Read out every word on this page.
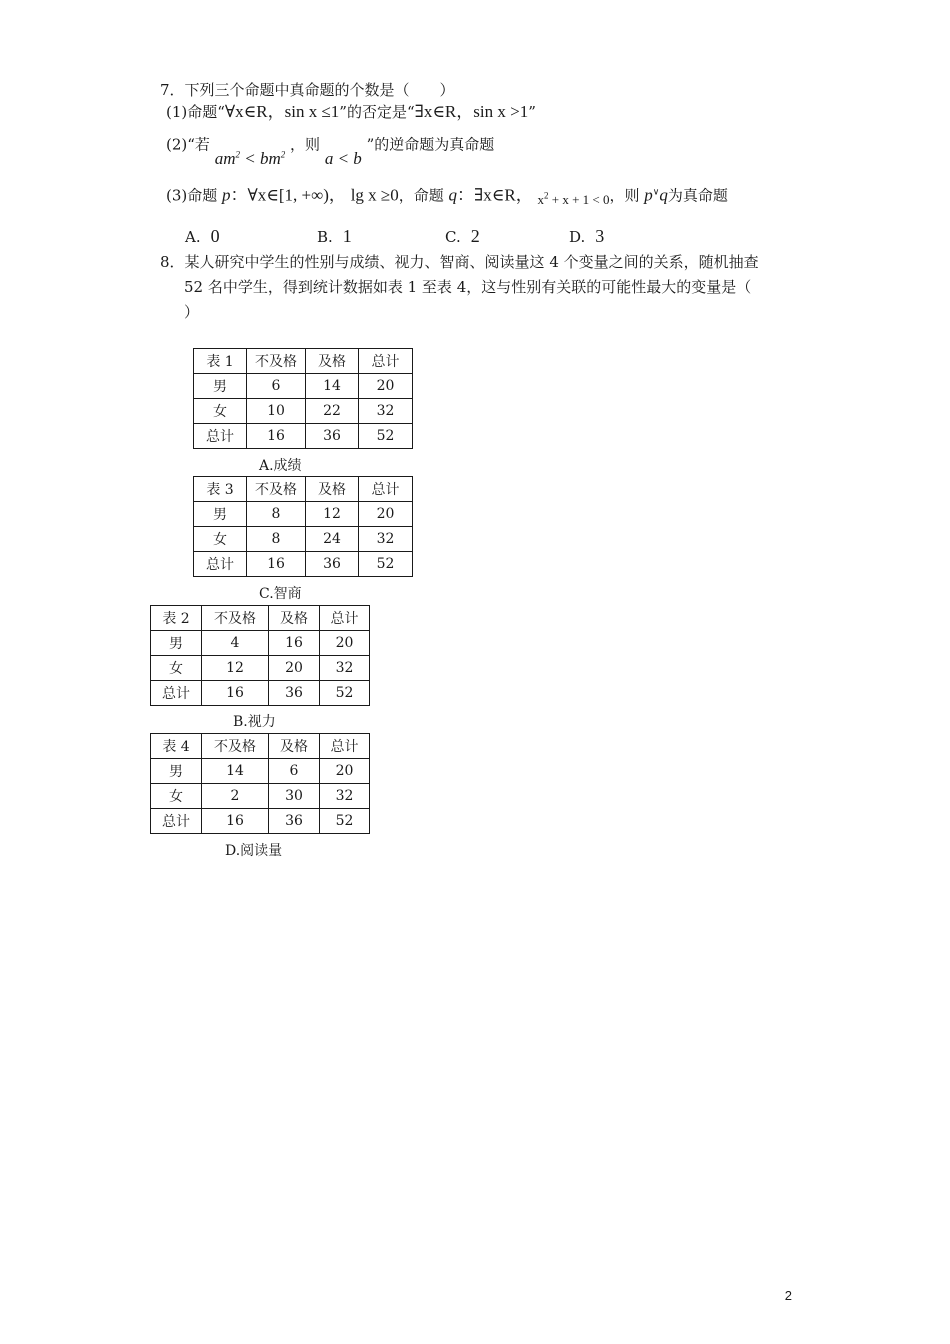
7．下列三个命题中真命题的个数是（　　）
(1)命题“∀x∈R，sin x ≤1”的否定是“∃x∈R，sin x >1”
(2)“若 $am^2 < bm^2$ ，则 a < b ”的逆命题为真命题
(3)命题 p：∀x∈[1, +∞)， lg x ≥0，命题 q：∃x∈R， $x^2 + x + 1 < 0$，则 p∨q为真命题
A. 0	B. 1	C. 2	D. 3
8．某人研究中学生的性别与成绩、视力、智商、阅读量这 4 个变量之间的关系，随机抽查
52 名中学生，得到统计数据如表 1 至表 4，这与性别有关联的可能性最大的变量是（
）
表 1	不及格	及格	总计
男	6	14	20
女	10	22	32
总计	16	36	52
A.成绩
表 3	不及格	及格	总计
男	8	12	20
女	8	24	32
总计	16	36	52
C.智商
表 2	不及格	及格	总计
男	4	16	20
女	12	20	32
总计	16	36	52
B.视力
表 4	不及格	及格	总计
男	14	6	20
女	2	30	32
总计	16	36	52
D.阅读量
2
